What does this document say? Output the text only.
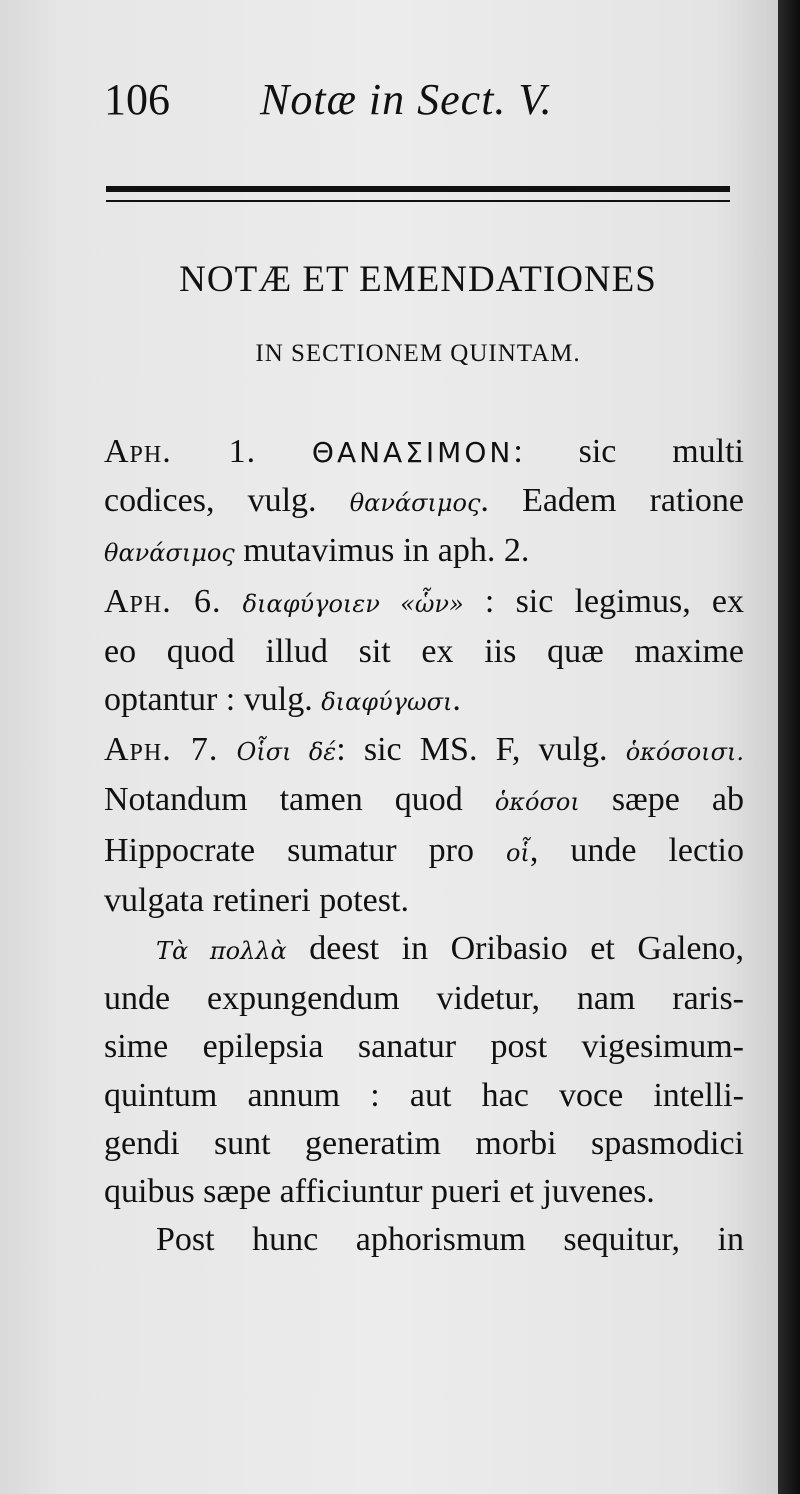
106 Notæ in Sect. V.
NOTÆ ET EMENDATIONES
IN SECTIONEM QUINTAM.
Aph. 1. ΘΑΝΑΣΙΜΟΝ: sic multi
codices, vulg. θανάσιμος. Eadem ratione
θανάσιμος mutavimus in aph. 2.
Aph. 6. διαφύγοιεν «ὧν» : sic legimus, ex
eo quod illud sit ex iis quæ maxime
optantur : vulg. διαφύγωσι.
Aph. 7. Οἷσι δέ: sic MS. F, vulg. ὁκόσοισι.
Notandum tamen quod ὁκόσοι sæpe ab
Hippocrate sumatur pro οἷ, unde lectio
vulgata retineri potest.
Τὰ πολλὰ deest in Oribasio et Galeno,
unde expungendum videtur, nam raris-
sime epilepsia sanatur post vigesimum-
quintum annum : aut hac voce intelli-
gendi sunt generatim morbi spasmodici
quibus sæpe afficiuntur pueri et juvenes.
Post hunc aphorismum sequitur, in
